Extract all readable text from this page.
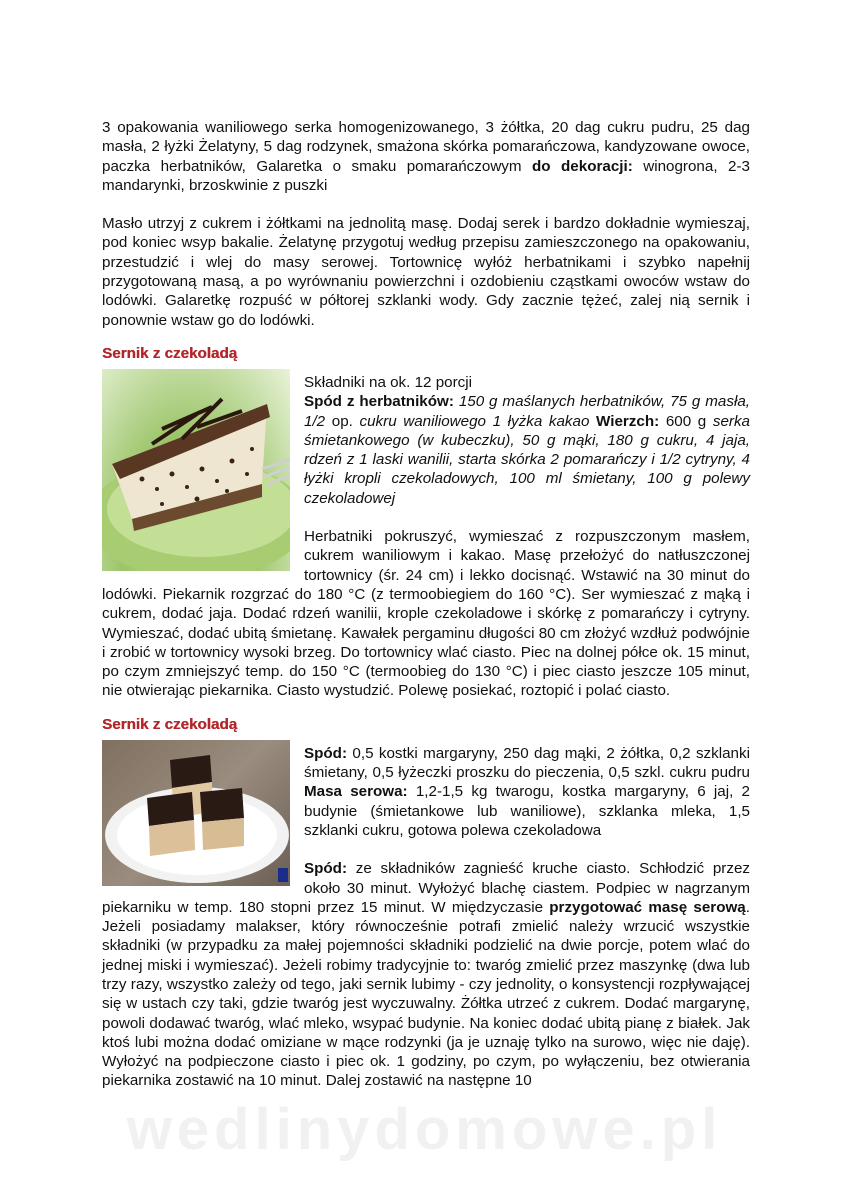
3 opakowania waniliowego serka homogenizowanego, 3 żółtka, 20 dag cukru pudru, 25 dag masła, 2 łyżki Żelatyny, 5 dag rodzynek, smażona skórka pomarańczowa, kandyzowane owoce, paczka herbatników, Galaretka o smaku pomarańczowym do dekoracji: winogrona, 2-3 mandarynki, brzoskwinie z puszki

Masło utrzyj z cukrem i żółtkami na jednolitą masę. Dodaj serek i bardzo dokładnie wymieszaj, pod koniec wsyp bakalie. Żelatynę przygotuj według przepisu zamieszczonego na opakowaniu, przestudzić i wlej do masy serowej. Tortownicę wyłóż herbatnikami i szybko napełnij przygotowaną masą, a po wyrównaniu powierzchni i ozdobieniu cząstkami owoców wstaw do lodówki. Galaretkę rozpuść w półtorej szklanki wody. Gdy zacznie tężeć, zalej nią sernik i ponownie wstaw go do lodówki.

Sernik z czekoladą

Składniki na ok. 12 porcji

Spód z herbatników: 150 g maślanych herbatników, 75 g masła, 1/2 op. cukru waniliowego 1 łyżka kakao Wierzch: 600 g serka śmietankowego (w kubeczku), 50 g mąki, 180 g cukru, 4 jaja, rdzeń z 1 laski wanilii, starta skórka 2 pomarańczy i 1/2 cytryny, 4 łyżki kropli czekoladowych, 100 ml śmietany, 100 g polewy czekoladowej

Herbatniki pokruszyć, wymieszać z rozpuszczonym masłem, cukrem waniliowym i kakao. Masę przełożyć do natłuszczonej tortownicy (śr. 24 cm) i lekko docisnąć. Wstawić na 30 minut do lodówki. Piekarnik rozgrzać do 180 °C (z termoobiegiem do 160 °C). Ser wymieszać z mąką i cukrem, dodać jaja. Dodać rdzeń wanilii, krople czekoladowe i skórkę z pomarańczy i cytryny. Wymieszać, dodać ubitą śmietanę. Kawałek pergaminu długości 80 cm złożyć wzdłuż podwójnie i zrobić w tortownicy wysoki brzeg. Do tortownicy wlać ciasto. Piec na dolnej półce ok. 15 minut, po czym zmniejszyć temp. do 150 °C (termoobieg do 130 °C) i piec ciasto jeszcze 105 minut, nie otwierając piekarnika. Ciasto wystudzić. Polewę posiekać, roztopić i polać ciasto.

Sernik z czekoladą

Spód: 0,5 kostki margaryny, 250 dag mąki, 2 żółtka, 0,2 szklanki śmietany, 0,5 łyżeczki proszku do pieczenia, 0,5 szkl. cukru pudru Masa serowa: 1,2-1,5 kg twarogu, kostka margaryny, 6 jaj, 2 budynie (śmietankowe lub waniliowe), szklanka mleka, 1,5 szklanki cukru, gotowa polewa czekoladowa

Spód: ze składników zagnieść kruche ciasto. Schłodzić przez około 30 minut. Wyłożyć blachę ciastem. Podpiec w nagrzanym piekarniku w temp. 180 stopni przez 15 minut. W międzyczasie przygotować masę serową. Jeżeli posiadamy malakser, który równocześnie potrafi zmielić należy wrzucić wszystkie składniki (w przypadku za małej pojemności składniki podzielić na dwie porcje, potem wlać do jednej miski i wymieszać). Jeżeli robimy tradycyjnie to: twaróg zmielić przez maszynkę (dwa lub trzy razy, wszystko zależy od tego, jaki sernik lubimy - czy jednolity, o konsystencji rozpływającej się w ustach czy taki, gdzie twaróg jest wyczuwalny. Żółtka utrzeć z cukrem. Dodać margarynę, powoli dodawać twaróg, wlać mleko, wsypać budynie. Na koniec dodać ubitą pianę z białek. Jak ktoś lubi można dodać omiziane w mące rodzynki (ja je uznaję tylko na surowo, więc nie daję). Wyłożyć na podpieczone ciasto i piec ok. 1 godziny, po czym, po wyłączeniu, bez otwierania piekarnika zostawić na 10 minut. Dalej zostawić na następne 10

wedlinydomowe.pl
